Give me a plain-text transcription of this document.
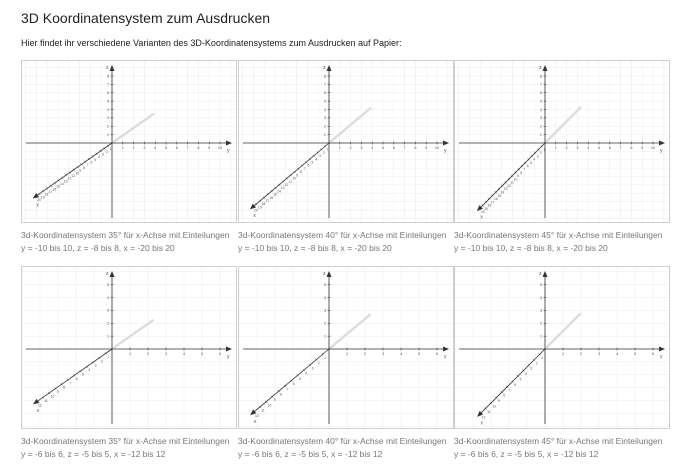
3D Koordinatensystem zum Ausdrucken

Hier findet ihr verschiedene Varianten des 3D-Koordinatensystems zum Ausdrucken auf Papier:

y
z
x
1 2 3 4 5 6 7 8 9 10
1
2
3
4
5
6
7
8
1
2
3
4
5
6
7
8
9
10
11
12
13
14
15
16
17
18
19
20
3d-Koordinatensystem 35° für x-Achse mit Einteilungen
y = -10 bis 10, z = -8 bis 8, x = -20 bis 20
y
z
x
1 2 3 4 5 6 7 8 9 10
1
2
3
4
5
6
7
8
1
2
3
4
5
6
7
8
9
10
11
12
13
14
15
16
17
18
19
20
3d-Koordinatensystem 40° für x-Achse mit Einteilungen
y = -10 bis 10, z = -8 bis 8, x = -20 bis 20
y
z
x
1 2 3 4 5 6 7 8 9 10
1
2
3
4
5
6
7
8
1
2
3
4
5
6
7
8
9
10
11
12
13
14
15
16
17
18
19
20
3d-Koordinatensystem 45° für x-Achse mit Einteilungen
y = -10 bis 10, z = -8 bis 8, x = -20 bis 20
y
z
x
1	2	3	4	5	6
1
2
3
4
5
1
2
3
4
5
6
7
8
9
10
11
12
3d-Koordinatensystem 35° für x-Achse mit Einteilungen
y = -6 bis 6, z = -5 bis 5, x = -12 bis 12
y
z
x
1	2	3	4	5	6
1
2
3
4
5
1
2
3
4
5
6
7
8
9
10
11
12
3d-Koordinatensystem 40° für x-Achse mit Einteilungen
y = -6 bis 6, z = -5 bis 5, x = -12 bis 12
y
z
x
1	2	3	4	5	6
1
2
3
4
5
1
2
3
4
5
6
7
8
9
10
11
12
3d-Koordinatensystem 45° für x-Achse mit Einteilungen
y = -6 bis 6, z = -5 bis 5, x = -12 bis 12
